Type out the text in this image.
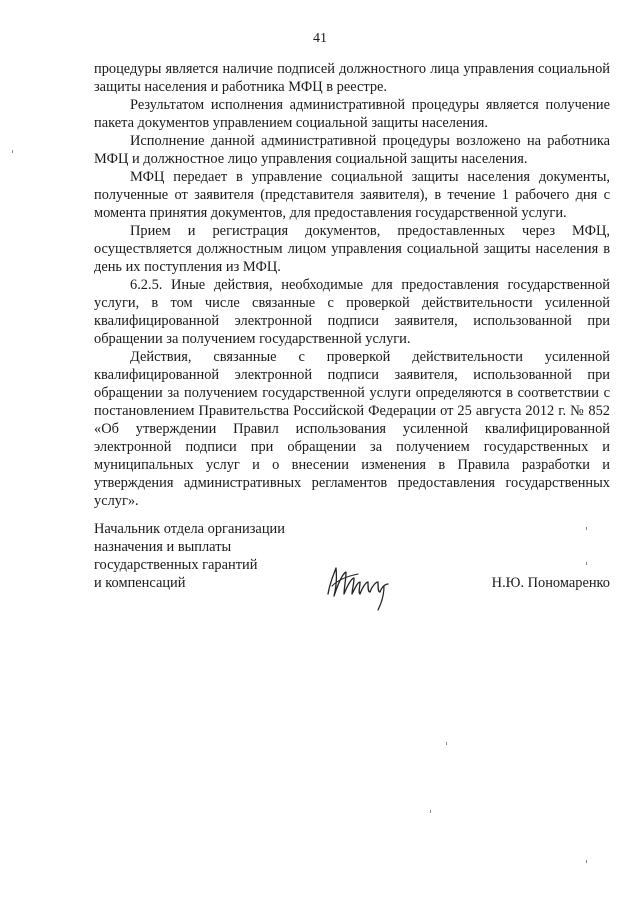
41

процедуры является наличие подписей должностного лица управления социальной защиты населения и работника МФЦ в реестре.

Результатом исполнения административной процедуры является получение пакета документов управлением социальной защиты населения.

Исполнение данной административной процедуры возложено на работника МФЦ и должностное лицо управления социальной защиты населения.

МФЦ передает в управление социальной защиты населения документы, полученные от заявителя (представителя заявителя), в течение 1 рабочего дня с момента принятия документов, для предоставления государственной услуги.

Прием и регистрация документов, предоставленных через МФЦ, осуществляется должностным лицом управления социальной защиты населения в день их поступления из МФЦ.

6.2.5. Иные действия, необходимые для предоставления государственной услуги, в том числе связанные с проверкой действительности усиленной квалифицированной электронной подписи заявителя, использованной при обращении за получением государственной услуги.

Действия, связанные с проверкой действительности усиленной квалифицированной электронной подписи заявителя, использованной при обращении за получением государственной услуги определяются в соответствии с постановлением Правительства Российской Федерации от 25 августа 2012 г. № 852 «Об утверждении Правил использования усиленной квалифицированной электронной подписи при обращении за получением государственных и муниципальных услуг и о внесении изменения в Правила разработки и утверждения административных регламентов предоставления государственных услуг».

Начальник отдела организации
назначения и выплаты
государственных гарантий
и компенсаций	Н.Ю. Пономаренко
